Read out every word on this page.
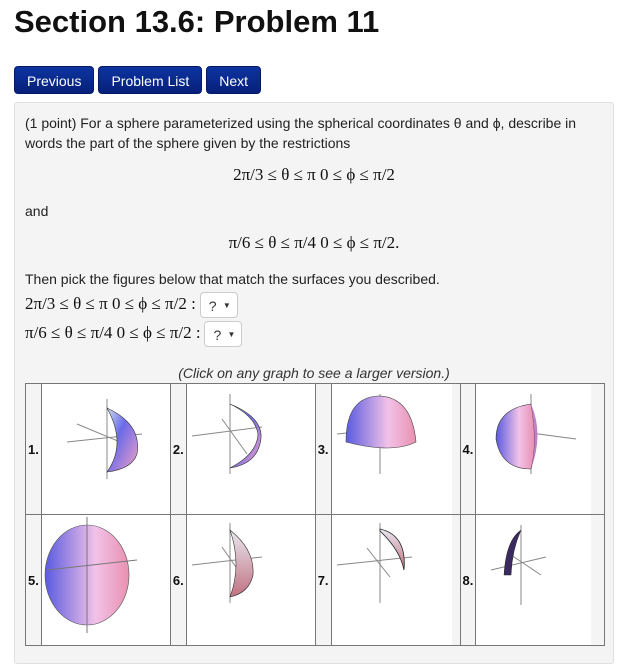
Section 13.6: Problem 11
Previous	Problem List	Next
(1 point) For a sphere parameterized using the spherical coordinates θ and ϕ, describe in words the part of the sphere given by the restrictions
2π/3 ≤ θ ≤ π 0 ≤ ϕ ≤ π/2
and
π/6 ≤ θ ≤ π/4 0 ≤ ϕ ≤ π/2.
Then pick the figures below that match the surfaces you described.
2π/3 ≤ θ ≤ π 0 ≤ ϕ ≤ π/2 : ? ▼
π/6 ≤ θ ≤ π/4 0 ≤ ϕ ≤ π/2 : ? ▼
(Click on any graph to see a larger version.)
1.		2.		3.		4.	

5.		6.		7.		8.	
